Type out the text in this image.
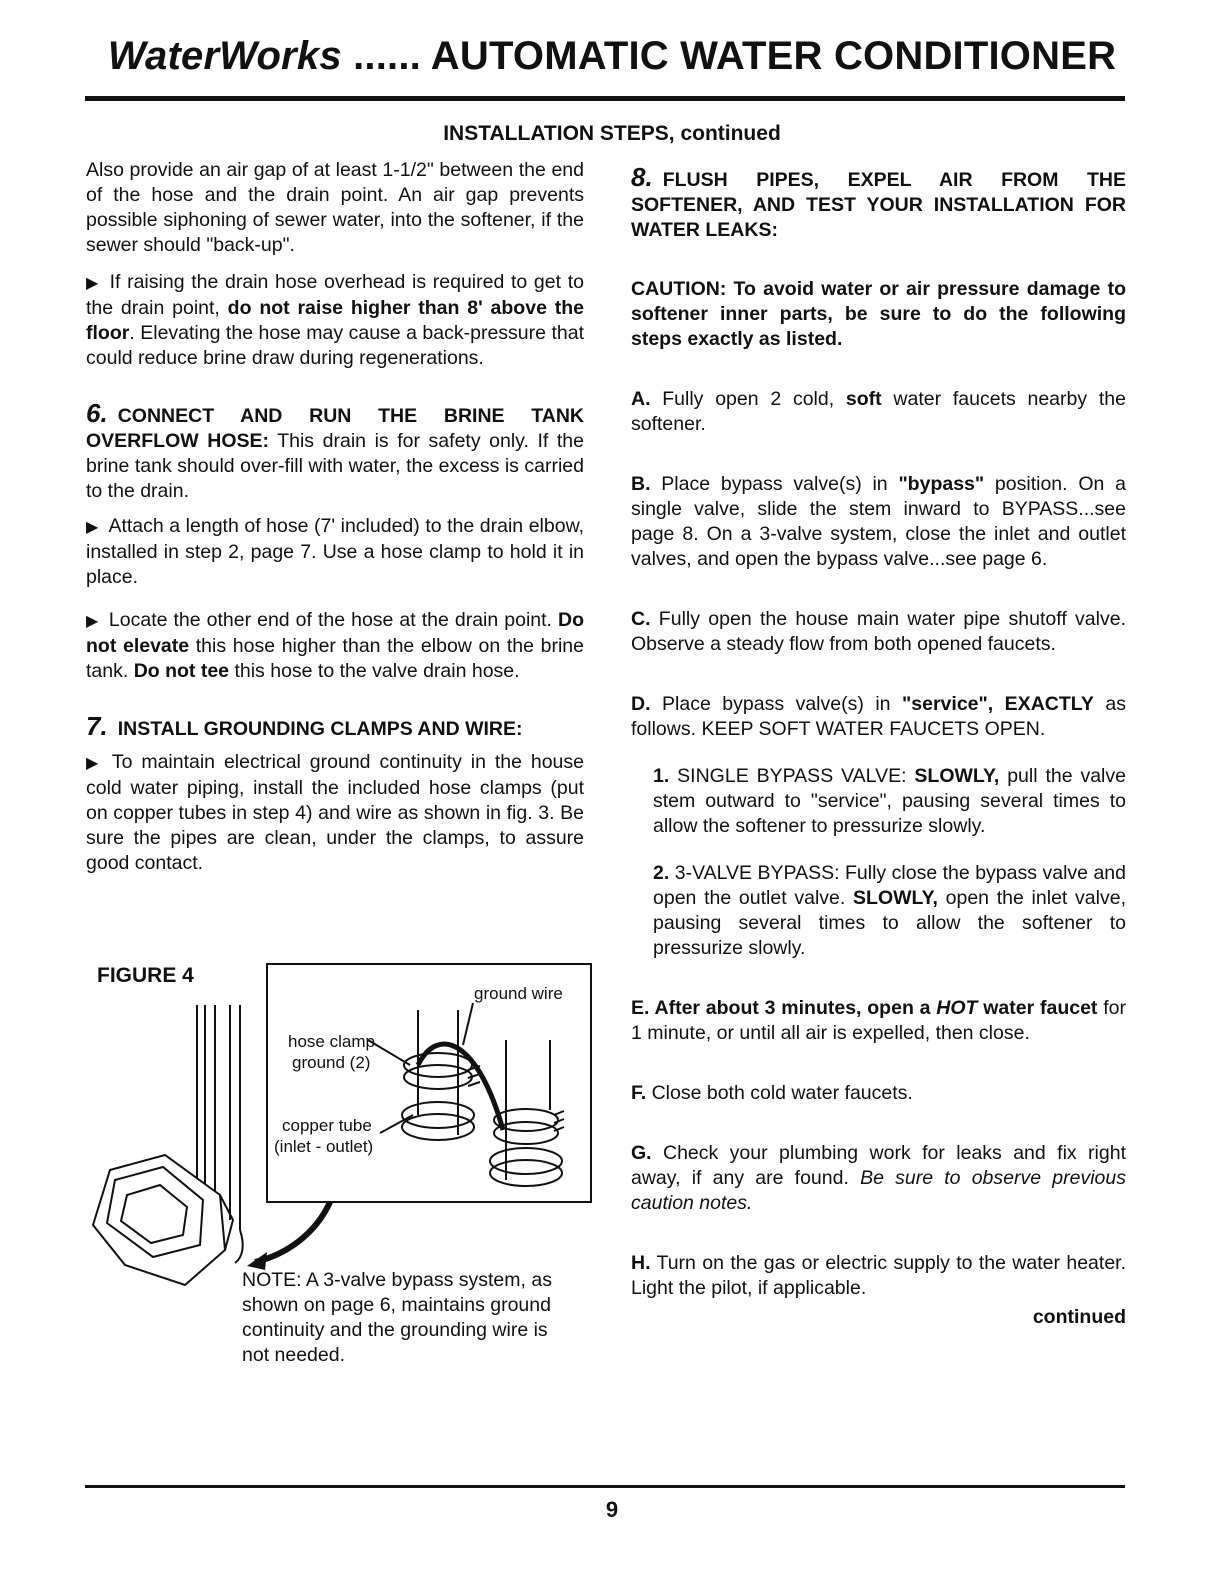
WaterWorks ...... AUTOMATIC WATER CONDITIONER
INSTALLATION STEPS, continued

Also provide an air gap of at least 1-1/2" between the end of the hose and the drain point. An air gap prevents possible siphoning of sewer water, into the softener, if the sewer should "back-up".

▶ If raising the drain hose overhead is required to get to the drain point, do not raise higher than 8' above the floor. Elevating the hose may cause a back-pressure that could reduce brine draw during regenerations.

6. CONNECT AND RUN THE BRINE TANK OVERFLOW HOSE: This drain is for safety only. If the brine tank should over-fill with water, the excess is carried to the drain.

▶ Attach a length of hose (7' included) to the drain elbow, installed in step 2, page 7. Use a hose clamp to hold it in place.

▶ Locate the other end of the hose at the drain point. Do not elevate this hose higher than the elbow on the brine tank. Do not tee this hose to the valve drain hose.

7. INSTALL GROUNDING CLAMPS AND WIRE:

▶ To maintain electrical ground continuity in the house cold water piping, install the included hose clamps (put on copper tubes in step 4) and wire as shown in fig. 3. Be sure the pipes are clean, under the clamps, to assure good contact.

FIGURE 4
ground wire
hose clamp
ground (2)
copper tube
(inlet - outlet)
NOTE: A 3-valve bypass system, as shown on page 6, maintains ground continuity and the grounding wire is not needed.

8. FLUSH PIPES, EXPEL AIR FROM THE SOFTENER, AND TEST YOUR INSTALLATION FOR WATER LEAKS:

CAUTION: To avoid water or air pressure damage to softener inner parts, be sure to do the following steps exactly as listed.

A. Fully open 2 cold, soft water faucets nearby the softener.

B. Place bypass valve(s) in "bypass" position. On a single valve, slide the stem inward to BYPASS...see page 8. On a 3-valve system, close the inlet and outlet valves, and open the bypass valve...see page 6.

C. Fully open the house main water pipe shutoff valve. Observe a steady flow from both opened faucets.

D. Place bypass valve(s) in "service", EXACTLY as follows. KEEP SOFT WATER FAUCETS OPEN.

1. SINGLE BYPASS VALVE: SLOWLY, pull the valve stem outward to "service", pausing several times to allow the softener to pressurize slowly.

2. 3-VALVE BYPASS: Fully close the bypass valve and open the outlet valve. SLOWLY, open the inlet valve, pausing several times to allow the softener to pressurize slowly.

E. After about 3 minutes, open a HOT water faucet for 1 minute, or until all air is expelled, then close.

F. Close both cold water faucets.

G. Check your plumbing work for leaks and fix right away, if any are found. Be sure to observe previous caution notes.

H. Turn on the gas or electric supply to the water heater. Light the pilot, if applicable.

continued

9
